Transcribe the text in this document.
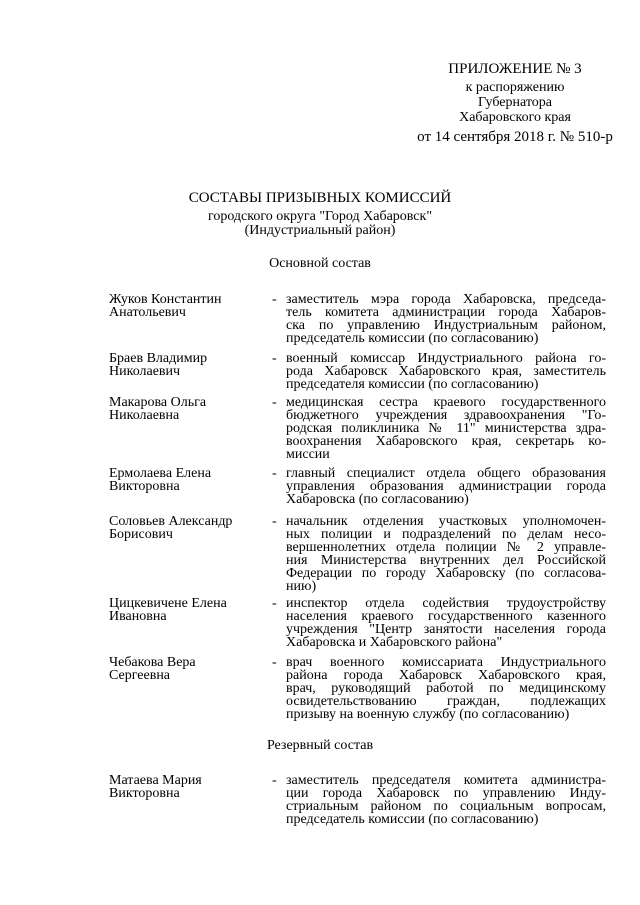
ПРИЛОЖЕНИЕ № 3
к распоряжению
Губернатора
Хабаровского края
от 14 сентября 2018 г. № 510-р
СОСТАВЫ ПРИЗЫВНЫХ КОМИССИЙ
городского округа "Город Хабаровск"
(Индустриальный район)
Основной состав
Жуков Константин
Анатольевич
- заместитель мэра города Хабаровска, председа-
тель комитета администрации города Хабаров-
ска по управлению Индустриальным районом,
председатель комиссии (по согласованию)
Браев Владимир
Николаевич
- военный комиссар Индустриального района го-
рода Хабаровск Хабаровского края, заместитель
председателя комиссии (по согласованию)
Макарова Ольга
Николаевна
- медицинская сестра краевого государственного
бюджетного учреждения здравоохранения "Го-
родская поликлиника № 11" министерства здра-
воохранения Хабаровского края, секретарь ко-
миссии
Ермолаева Елена
Викторовна
- главный специалист отдела общего образования
управления образования администрации города
Хабаровска (по согласованию)
Соловьев Александр
Борисович
- начальник отделения участковых уполномочен-
ных полиции и подразделений по делам несо-
вершеннолетних отдела полиции № 2 управле-
ния Министерства внутренних дел Российской
Федерации по городу Хабаровску (по согласова-
нию)
Цицкевичене Елена
Ивановна
- инспектор отдела содействия трудоустройству
населения краевого государственного казенного
учреждения "Центр занятости населения города
Хабаровска и Хабаровского района"
Чебакова Вера
Сергеевна
- врач военного комиссариата Индустриального
района города Хабаровск Хабаровского края,
врач, руководящий работой по медицинскому
освидетельствованию граждан, подлежащих
призыву на военную службу (по согласованию)
Резервный состав
Матаева Мария
Викторовна
- заместитель председателя комитета администра-
ции города Хабаровск по управлению Инду-
стриальным районом по социальным вопросам,
председатель комиссии (по согласованию)
